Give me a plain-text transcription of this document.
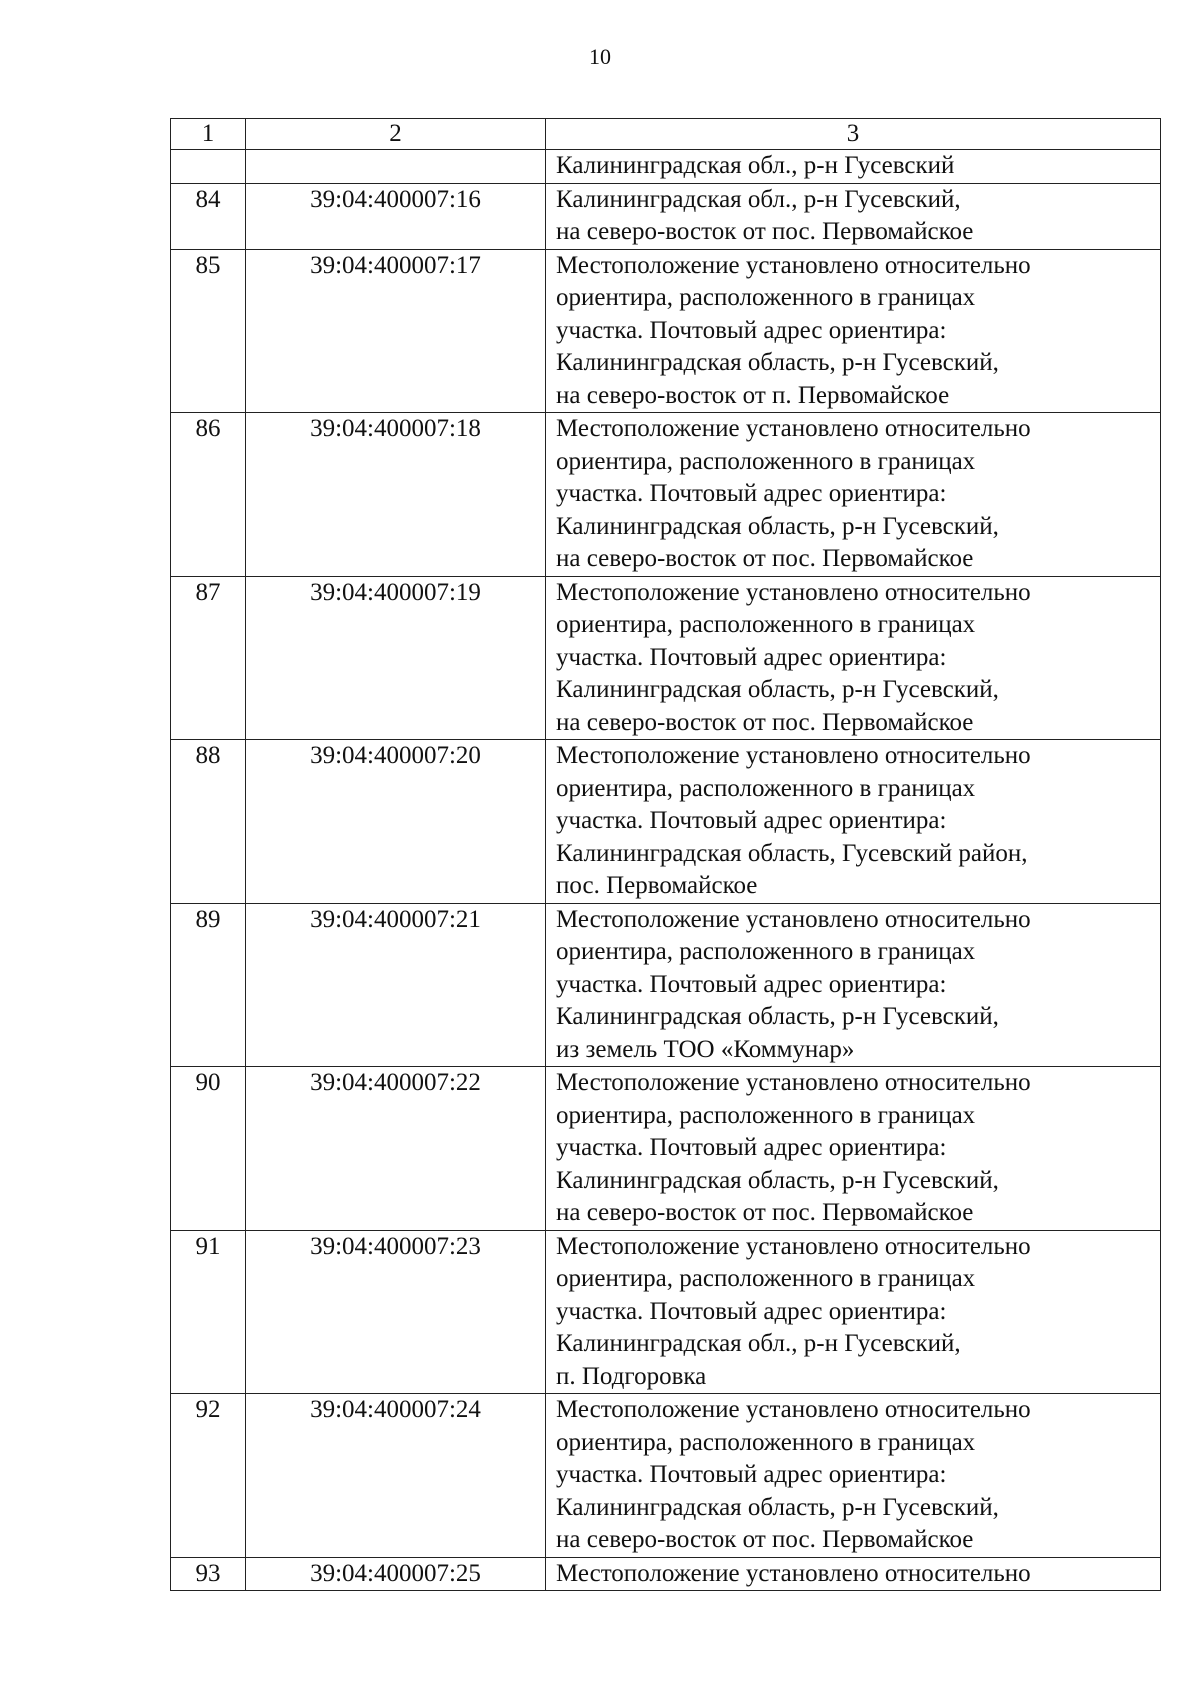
10
1	2	3
		Калининградская обл., р-н Гусевский
84	39:04:400007:16	Калининградская обл., р-н Гусевский,
на северо-восток от пос. Первомайское
85	39:04:400007:17	Местоположение установлено относительно
ориентира, расположенного в границах
участка. Почтовый адрес ориентира:
Калининградская область, р-н Гусевский,
на северо-восток от п. Первомайское
86	39:04:400007:18	Местоположение установлено относительно
ориентира, расположенного в границах
участка. Почтовый адрес ориентира:
Калининградская область, р-н Гусевский,
на северо-восток от пос. Первомайское
87	39:04:400007:19	Местоположение установлено относительно
ориентира, расположенного в границах
участка. Почтовый адрес ориентира:
Калининградская область, р-н Гусевский,
на северо-восток от пос. Первомайское
88	39:04:400007:20	Местоположение установлено относительно
ориентира, расположенного в границах
участка. Почтовый адрес ориентира:
Калининградская область, Гусевский район,
пос. Первомайское
89	39:04:400007:21	Местоположение установлено относительно
ориентира, расположенного в границах
участка. Почтовый адрес ориентира:
Калининградская область, р-н Гусевский,
из земель ТОО «Коммунар»
90	39:04:400007:22	Местоположение установлено относительно
ориентира, расположенного в границах
участка. Почтовый адрес ориентира:
Калининградская область, р-н Гусевский,
на северо-восток от пос. Первомайское
91	39:04:400007:23	Местоположение установлено относительно
ориентира, расположенного в границах
участка. Почтовый адрес ориентира:
Калининградская обл., р-н Гусевский,
п. Подгоровка
92	39:04:400007:24	Местоположение установлено относительно
ориентира, расположенного в границах
участка. Почтовый адрес ориентира:
Калининградская область, р-н Гусевский,
на северо-восток от пос. Первомайское
93	39:04:400007:25	Местоположение установлено относительно
